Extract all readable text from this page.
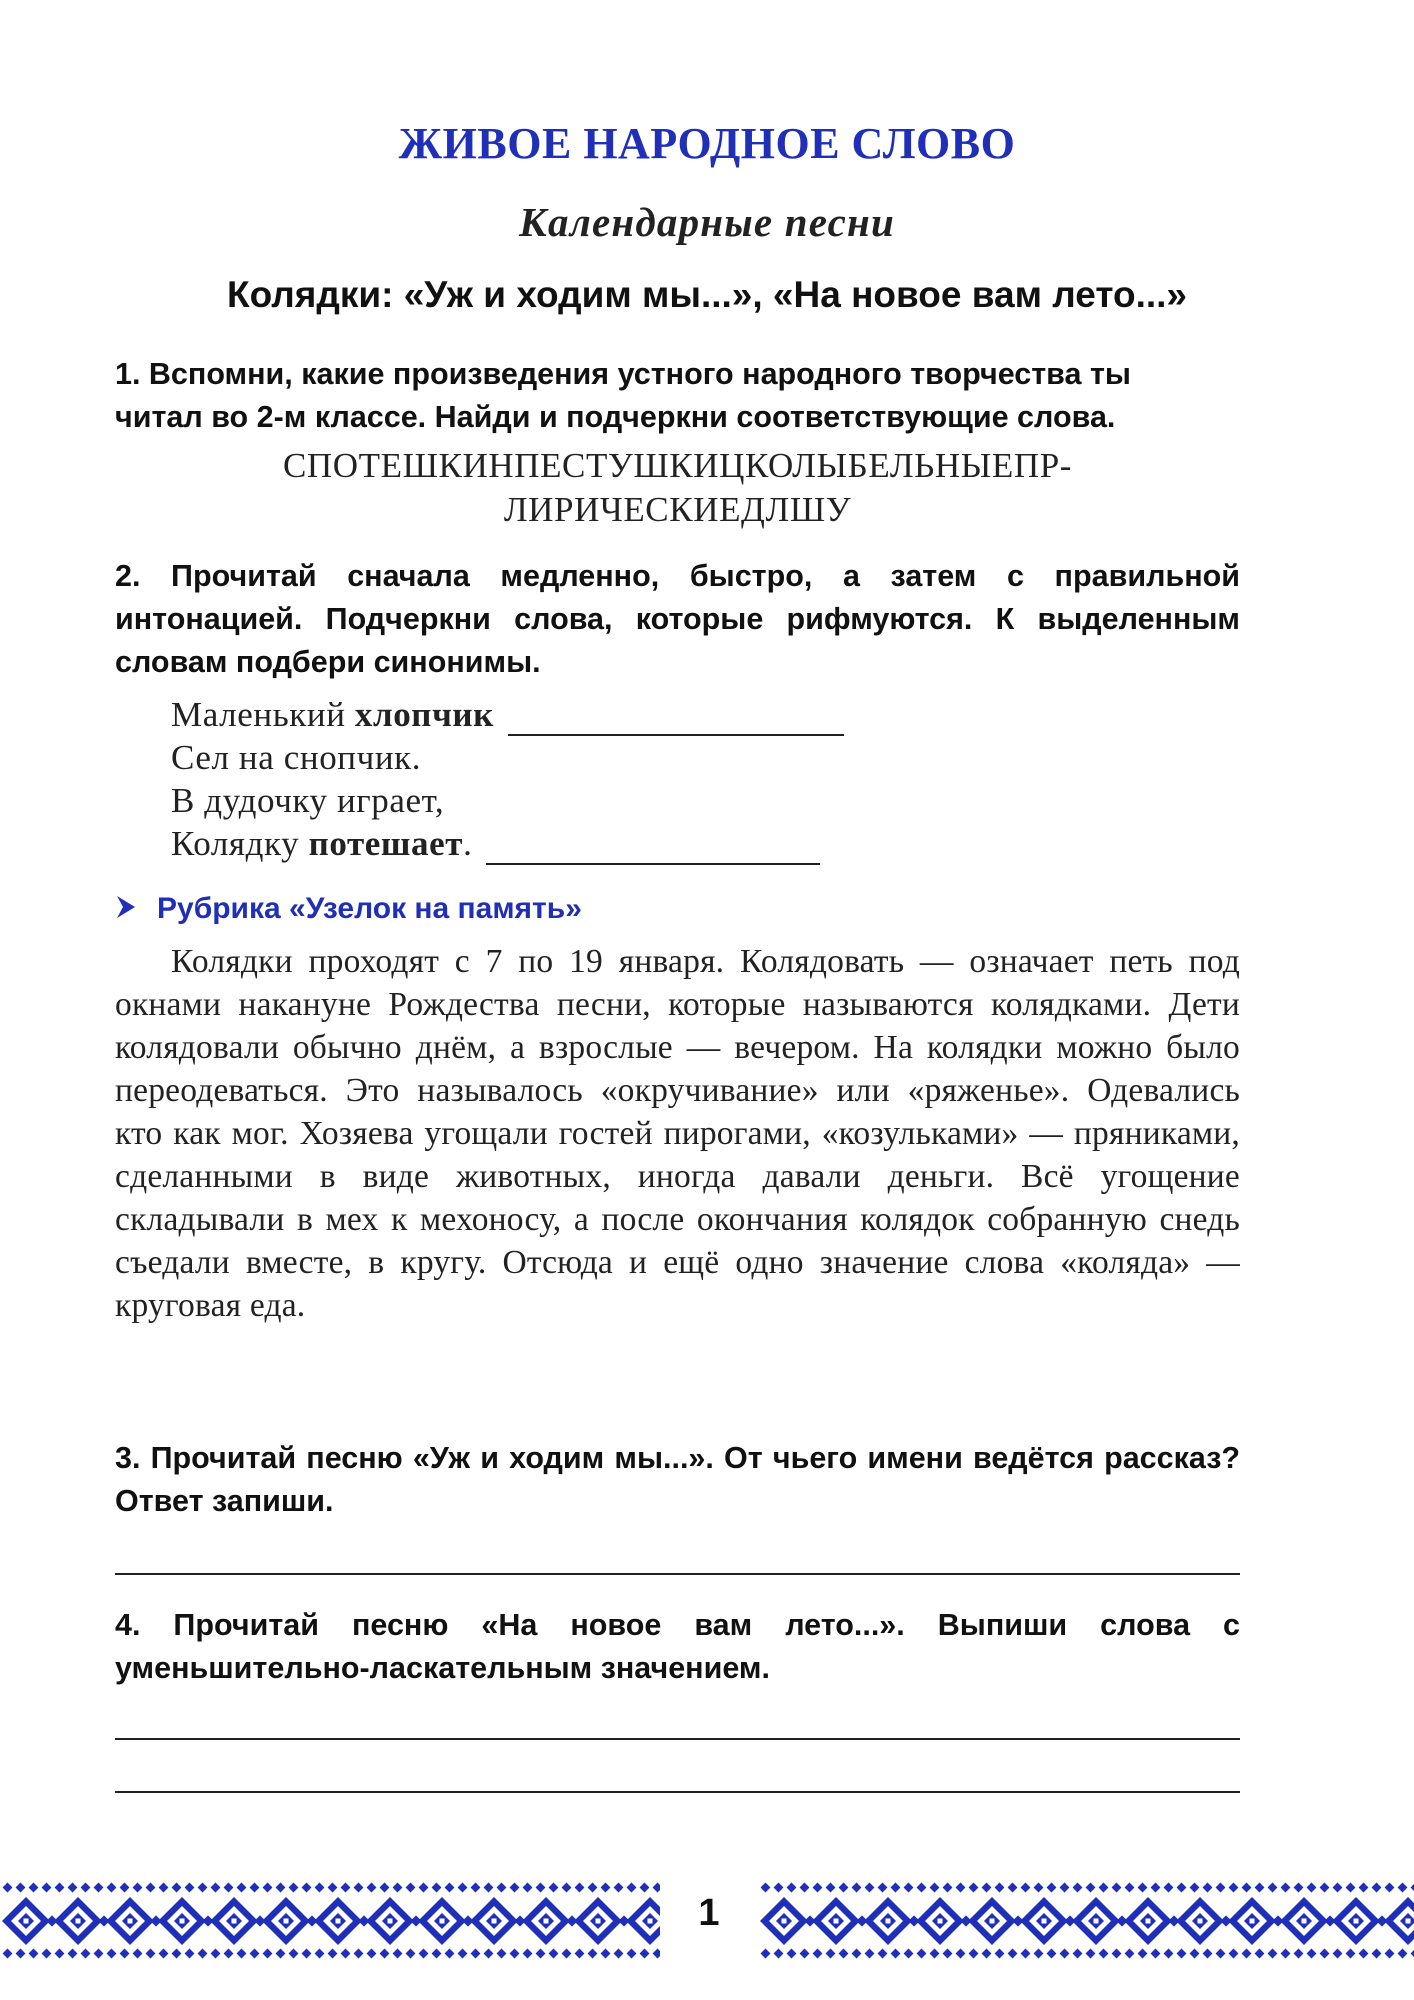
ЖИВОЕ НАРОДНОЕ СЛОВО
Календарные песни
Колядки: «Уж и ходим мы...», «На новое вам лето...»

1. Вспомни, какие произведения устного народного творчества ты

читал во 2-м классе. Найди и подчеркни соответствующие слова.

СПОТЕШКИНПЕСТУШКИЦКОЛЫБЕЛЬНЫЕПР-
ЛИРИЧЕСКИЕДЛШУ

2. Прочитай сначала медленно, быстро, а затем с правильной интонацией. Подчеркни слова, которые рифмуются. К выделенным словам подбери синонимы.

Маленький хлопчик
Сел на снопчик.
В дудочку играет,
Колядку потешает.
Рубрика «Узелок на память»

Колядки проходят с 7 по 19 января. Колядовать — означает петь под окнами накануне Рождества песни, которые называются колядками. Дети колядовали обычно днём, а взрослые — вечером. На колядки можно было переодеваться. Это называлось «окручивание» или «ряженье». Одевались кто как мог. Хозяева угощали гостей пирогами, «козульками» — пряниками, сделанными в виде животных, иногда давали деньги. Всё угощение складывали в мех к мехоносу, а после окончания колядок собранную снедь съедали вместе, в кругу. Отсюда и ещё одно значение слова «коляда» — круговая еда.

3. Прочитай песню «Уж и ходим мы...». От чьего имени ведётся рассказ? Ответ запиши.

4. Прочитай песню «На новое вам лето...». Выпиши слова с уменьшительно-ласкательным значением.

1
